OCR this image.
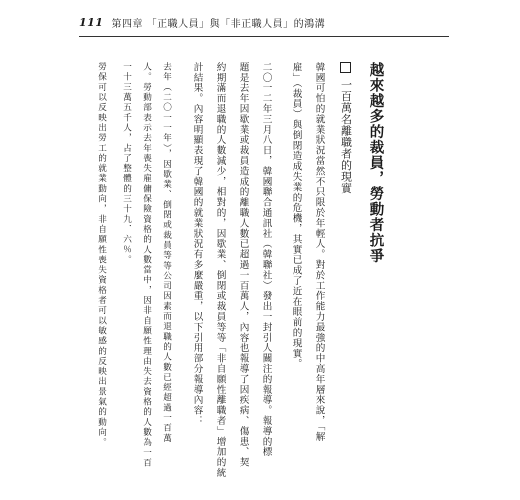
111 第四章 「正職人員」與「非正職人員」的鴻溝
越來越多的裁員，勞動者抗爭
一百萬名離職者的現實
韓國可怕的就業狀況當然不只限於年輕人。對於工作能力最強的中高年層來說，「解
雇」（裁員）與倒閉造成失業的危機，其實已成了近在眼前的現實。
二〇一二年三月八日，韓國聯合通訊社（韓聯社）發出一封引人關注的報導。報導的標
題是去年因歇業或裁員造成的離職人數已超過一百萬人，內容也報導了因疾病、傷患、契
約期滿而退職的人數減少，相對的，因歇業、倒閉或裁員等等「非自願性離職者」增加的統
計結果。內容明顯表現了韓國的就業狀況有多麼嚴重，以下引用部分報導內容：
去年（二〇一一年），因歇業、倒閉或裁員等等公司因素而退職的人數已經超過一百萬
人。勞動部表示去年喪失雇傭保險資格的人數當中，因非自願性理由失去資格的人數為一百
一十三萬五千人，占了整體的三十九．六％。
勞保可以反映出勞工的就業動向，非自願性喪失資格者可以敏感的反映出景氣的動向。
